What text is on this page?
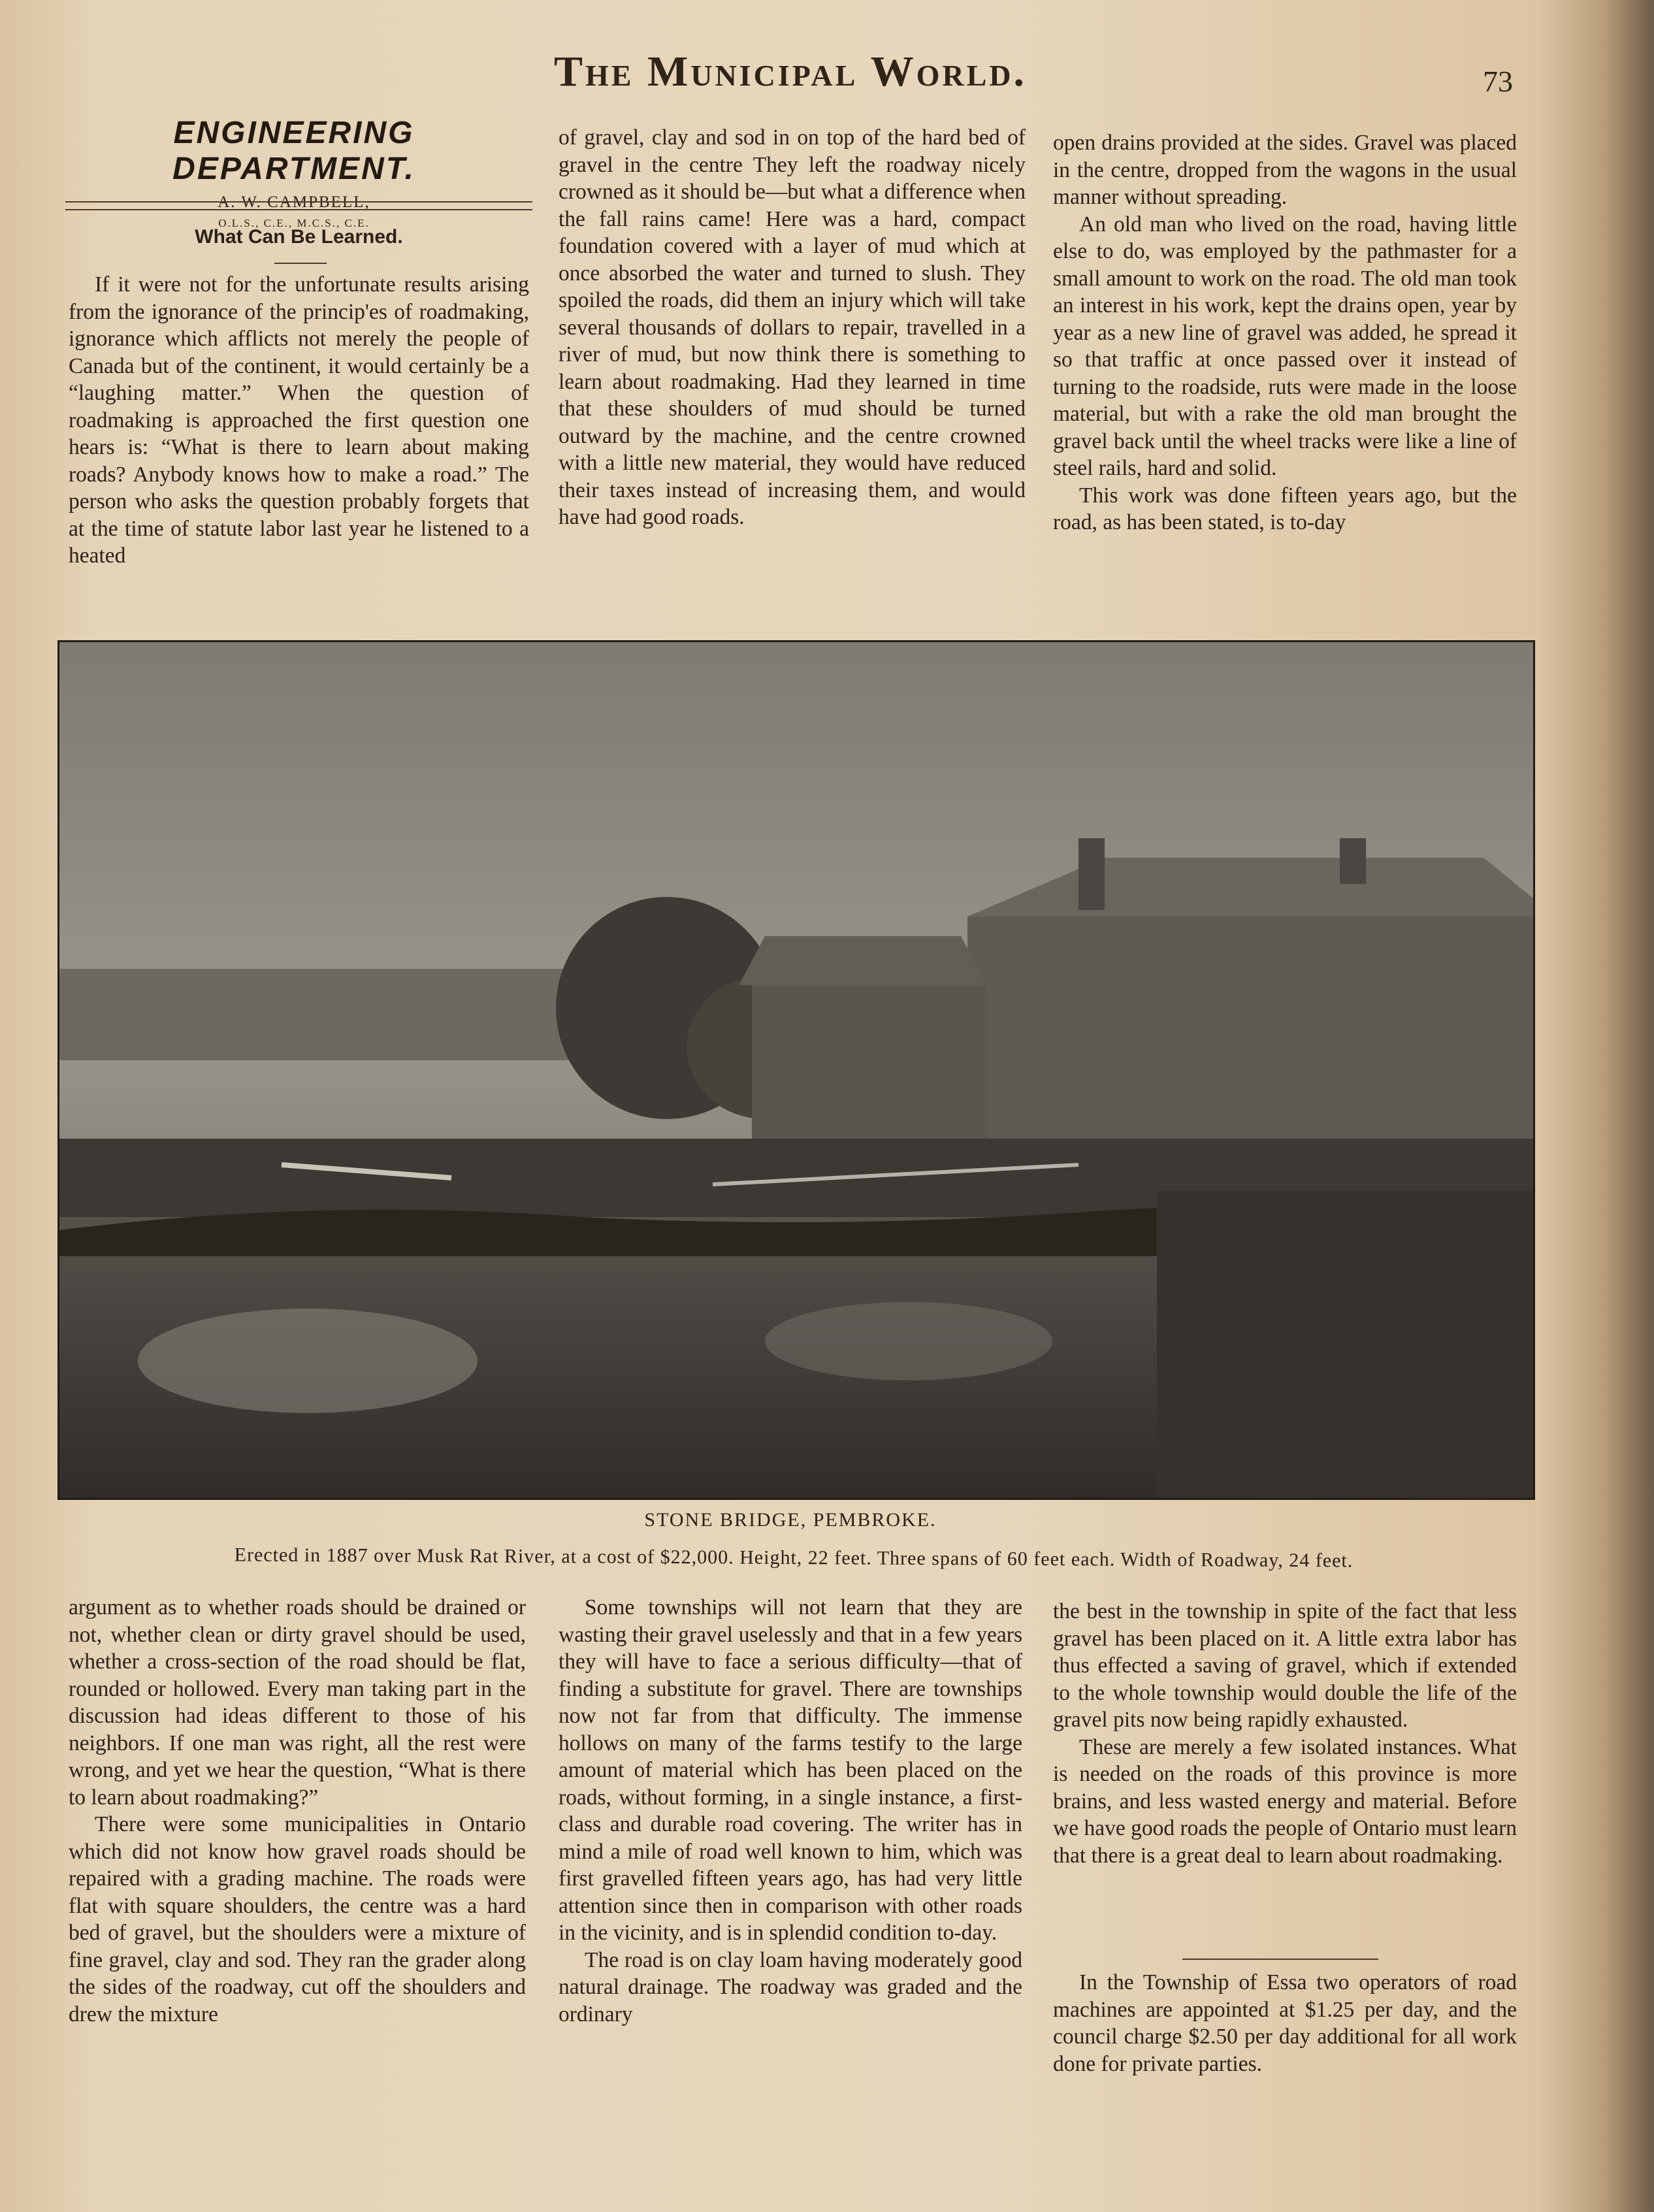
The Municipal World.	73
ENGINEERING DEPARTMENT.
A. W. CAMPBELL,
O.L.S., C.E., M.C.S., C.E.
What Can Be Learned.

If it were not for the unfortunate results arising from the ignorance of the princip'es of roadmaking, ignorance which afflicts not merely the people of Canada but of the continent, it would certainly be a “laughing matter.” When the question of roadmaking is approached the first question one hears is: “What is there to learn about making roads? Anybody knows how to make a road.” The person who asks the question probably forgets that at the time of statute labor last year he listened to a heated

of gravel, clay and sod in on top of the hard bed of gravel in the centre They left the roadway nicely crowned as it should be—but what a difference when the fall rains came! Here was a hard, compact foundation covered with a layer of mud which at once absorbed the water and turned to slush. They spoiled the roads, did them an injury which will take several thousands of dollars to repair, travelled in a river of mud, but now think there is something to learn about roadmaking. Had they learned in time that these shoulders of mud should be turned outward by the machine, and the centre crowned with a little new material, they would have reduced their taxes instead of increasing them, and would have had good roads.

open drains provided at the sides. Gravel was placed in the centre, dropped from the wagons in the usual manner without spreading.

An old man who lived on the road, having little else to do, was employed by the pathmaster for a small amount to work on the road. The old man took an interest in his work, kept the drains open, year by year as a new line of gravel was added, he spread it so that traffic at once passed over it instead of turning to the roadside, ruts were made in the loose material, but with a rake the old man brought the gravel back until the wheel tracks were like a line of steel rails, hard and solid.

This work was done fifteen years ago, but the road, as has been stated, is to-day

STONE BRIDGE, PEMBROKE.
Erected in 1887 over Musk Rat River, at a cost of $22,000. Height, 22 feet. Three spans of 60 feet each. Width of Roadway, 24 feet.

argument as to whether roads should be drained or not, whether clean or dirty gravel should be used, whether a cross-section of the road should be flat, rounded or hollowed. Every man taking part in the discussion had ideas different to those of his neighbors. If one man was right, all the rest were wrong, and yet we hear the question, “What is there to learn about roadmaking?”

There were some municipalities in Ontario which did not know how gravel roads should be repaired with a grading machine. The roads were flat with square shoulders, the centre was a hard bed of gravel, but the shoulders were a mixture of fine gravel, clay and sod. They ran the grader along the sides of the roadway, cut off the shoulders and drew the mixture

Some townships will not learn that they are wasting their gravel uselessly and that in a few years they will have to face a serious difficulty—that of finding a substitute for gravel. There are townships now not far from that difficulty. The immense hollows on many of the farms testify to the large amount of material which has been placed on the roads, without forming, in a single instance, a first-class and durable road covering. The writer has in mind a mile of road well known to him, which was first gravelled fifteen years ago, has had very little attention since then in comparison with other roads in the vicinity, and is in splendid condition to-day.

The road is on clay loam having moderately good natural drainage. The roadway was graded and the ordinary

the best in the township in spite of the fact that less gravel has been placed on it. A little extra labor has thus effected a saving of gravel, which if extended to the whole township would double the life of the gravel pits now being rapidly exhausted.

These are merely a few isolated instances. What is needed on the roads of this province is more brains, and less wasted energy and material. Before we have good roads the people of Ontario must learn that there is a great deal to learn about roadmaking.

In the Township of Essa two operators of road machines are appointed at $1.25 per day, and the council charge $2.50 per day additional for all work done for private parties.
